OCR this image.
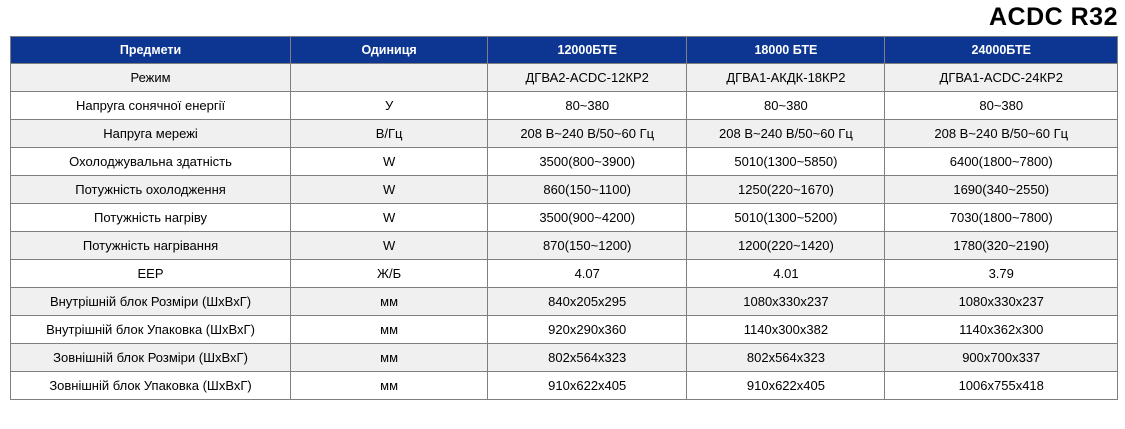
ACDC R32
Предмети	Одиниця	12000БТЕ	18000 БТЕ	24000БТЕ
Режим		ДГВА2-ACDC-12КР2	ДГВА1-АКДК-18КР2	ДГВА1-ACDC-24КР2
Напруга сонячної енергії	У	80~380	80~380	80~380
Напруга мережі	В/Гц	208 В~240 В/50~60 Гц	208 В~240 В/50~60 Гц	208 В~240 В/50~60 Гц
Охолоджувальна здатність	W	3500(800~3900)	5010(1300~5850)	6400(1800~7800)
Потужність охолодження	W	860(150~1100)	1250(220~1670)	1690(340~2550)
Потужність нагріву	W	3500(900~4200)	5010(1300~5200)	7030(1800~7800)
Потужність нагрівання	W	870(150~1200)	1200(220~1420)	1780(320~2190)
ЕЕР	Ж/Б	4.07	4.01	3.79
Внутрішній блок Розміри (ШхВхГ)	мм	840x205x295	1080x330x237	1080x330x237
Внутрішній блок Упаковка (ШхВхГ)	мм	920x290x360	1140x300x382	1140x362x300
Зовнішній блок Розміри (ШхВхГ)	мм	802x564x323	802x564x323	900x700x337
Зовнішній блок Упаковка (ШхВхГ)	мм	910x622x405	910x622x405	1006x755x418
